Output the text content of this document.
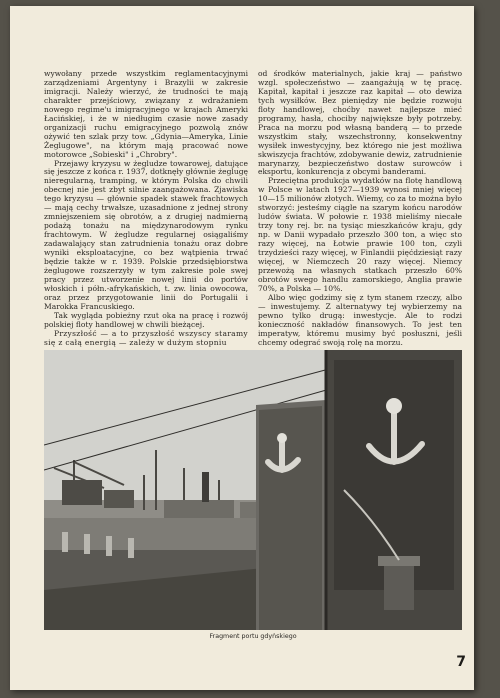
wywołany przede wszystkim reglamentacyjnymi zarządzeniami Argentyny i Brazylii w zakresie imigracji. Należy wierzyć, że trudności te mają charakter przejściowy, związany z wdrażaniem nowego regime'u imigracyjnego w krajach Ameryki Łacińskiej, i że w niedługim czasie nowe zasady organizacji ruchu emigracyjnego pozwolą znów ożywić ten szlak przy tow. „Gdynia—Ameryka, Linie Żeglugowe", na którym mają pracować nowe motorowce „Sobieski" i „Chrobry".

Przejawy kryzysu w żegludze towarowej, datujące się jeszcze z końca r. 1937, dotknęły głównie żeglugę nieregularną, tramping, w którym Polska do chwili obecnej nie jest zbyt silnie zaangażowana. Zjawiska tego kryzysu — głównie spadek stawek frachtowych — mają cechy trwałsze, uzasadnione z jednej strony zmniejszeniem się obrotów, a z drugiej nadmierną podażą tonażu na międzynarodowym rynku frachtowym. W żegludze regularnej osiągaliśmy zadawalający stan zatrudnienia tonażu oraz dobre wyniki eksploatacyjne, co bez wątpienia trwać będzie także w r. 1939. Polskie przedsiębiorstwa żeglugowe rozszerzyły w tym zakresie pole swej pracy przez utworzenie nowej linii do portów włoskich i półn.-afrykańskich, t. zw. linia owocowa, oraz przez przygotowanie linii do Portugalii i Marokka Francuskiego.

Tak wygląda pobieżny rzut oka na pracę i rozwój polskiej floty handlowej w chwili bieżącej.

Przyszłość — a to przyszłość wszyscy staramy się z całą energią — zależy w dużym stopniu

od środków materialnych, jakie kraj — państwo wzgl. społeczeństwo — zaangażują w tę pracę. Kapitał, kapitał i jeszcze raz kapitał — oto dewiza tych wysiłków. Bez pieniędzy nie będzie rozwoju floty handlowej, choćby nawet najlepsze mieć programy, hasła, chociby największe były potrzeby. Praca na morzu pod własną banderą — to przede wszystkim stały, wszechstronny, konsekwentny wysiłek inwestycyjny, bez którego nie jest możliwa skwiszycja frachtów, zdobywanie dewiz, zatrudnienie marynarzy, bezpieczeństwo dostaw surowców i eksportu, konkurencja z obcymi banderami.

Przeciętna produkcja wydatków na flotę handlową w Polsce w latach 1927—1939 wynosi mniej więcej 10—15 milionów złotych. Wiemy, co za to można było stworzyć: jesteśmy ciągle na szarym końcu narodów ludów świata. W połowie r. 1938 mieliśmy niecałe trzy tony rej. br. na tysiąc mieszkańców kraju, gdy np. w Danii wypadało przeszło 300 ton, a więc sto razy więcej, na Łotwie prawie 100 ton, czyli trzydzieści razy więcej, w Finlandii pięćdziesiąt razy więcej, w Niemczech 20 razy więcej. Niemcy przewożą na własnych statkach przeszło 60% obrotów swego handlu zamorskiego, Anglia prawie 70%, a Polska — 10%.

Albo więc godzimy się z tym stanem rzeczy, albo — inwestujemy. Z alternatywy tej wybierzemy na pewno tylko drugą: inwestycje. Ale to rodzi konieczność nakładów finansowych. To jest ten imperatyw, któremu musimy być posłuszni, jeśli chcemy odegrać swoją rolę na morzu.

Fragment portu gdyńskiego
7
